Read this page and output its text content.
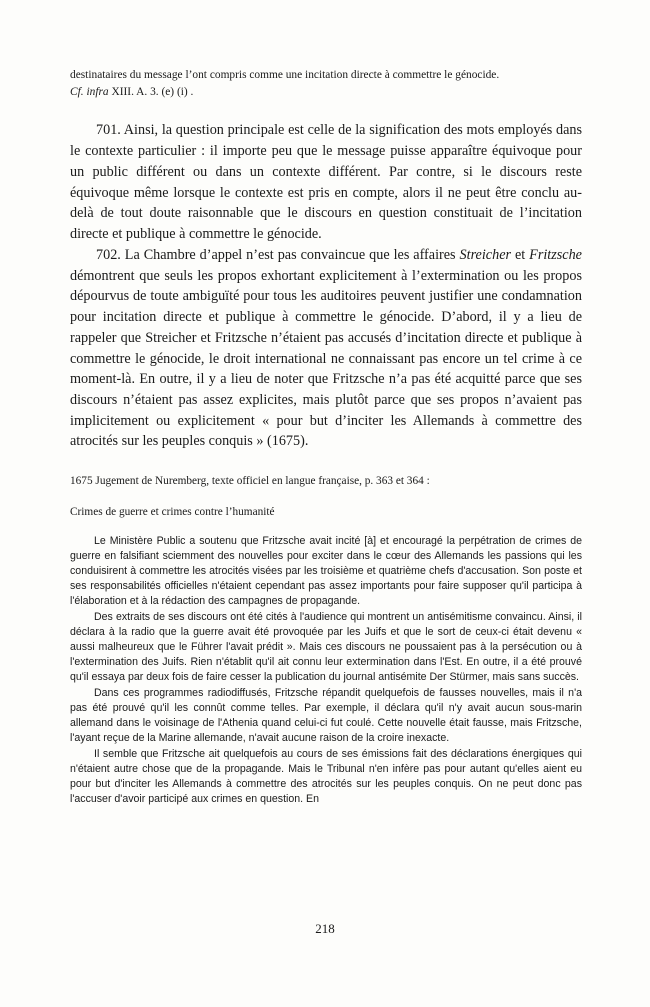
destinataires du message l’ont compris comme une incitation directe à commettre le génocide.
Cf. infra XIII. A. 3. (e) (i) .

701. Ainsi, la question principale est celle de la signification des mots employés dans le contexte particulier : il importe peu que le message puisse apparaître équivoque pour un public différent ou dans un contexte différent. Par contre, si le discours reste équivoque même lorsque le contexte est pris en compte, alors il ne peut être conclu au-delà de tout doute raisonnable que le discours en question constituait de l’incitation directe et publique à commettre le génocide.

702. La Chambre d’appel n’est pas convaincue que les affaires Streicher et Fritzsche démontrent que seuls les propos exhortant explicitement à l’extermination ou les propos dépourvus de toute ambiguïté pour tous les auditoires peuvent justifier une condamnation pour incitation directe et publique à commettre le génocide. D’abord, il y a lieu de rappeler que Streicher et Fritzsche n’étaient pas accusés d’incitation directe et publique à commettre le génocide, le droit international ne connaissant pas encore un tel crime à ce moment-là. En outre, il y a lieu de noter que Fritzsche n’a pas été acquitté parce que ses discours n’étaient pas assez explicites, mais plutôt parce que ses propos n’avaient pas implicitement ou explicitement « pour but d’inciter les Allemands à commettre des atrocités sur les peuples conquis » (1675).

1675 Jugement de Nuremberg, texte officiel en langue française, p. 363 et 364 :
Crimes de guerre et crimes contre l’humanité

Le Ministère Public a soutenu que Fritzsche avait incité [à] et encouragé la perpétration de crimes de guerre en falsifiant sciemment des nouvelles pour exciter dans le cœur des Allemands les passions qui les conduisirent à commettre les atrocités visées par les troisième et quatrième chefs d'accusation. Son poste et ses responsabilités officielles n'étaient cependant pas assez importants pour faire supposer qu'il participa à l'élaboration et à la rédaction des campagnes de propagande.

Des extraits de ses discours ont été cités à l'audience qui montrent un antisémitisme convaincu. Ainsi, il déclara à la radio que la guerre avait été provoquée par les Juifs et que le sort de ceux-ci était devenu « aussi malheureux que le Führer l'avait prédit ». Mais ces discours ne poussaient pas à la persécution ou à l'extermination des Juifs. Rien n'établit qu'il ait connu leur extermination dans l'Est. En outre, il a été prouvé qu'il essaya par deux fois de faire cesser la publication du journal antisémite Der Stürmer, mais sans succès.

Dans ces programmes radiodiffusés, Fritzsche répandit quelquefois de fausses nouvelles, mais il n'a pas été prouvé qu'il les connût comme telles. Par exemple, il déclara qu'il n'y avait aucun sous-marin allemand dans le voisinage de l'Athenia quand celui-ci fut coulé. Cette nouvelle était fausse, mais Fritzsche, l'ayant reçue de la Marine allemande, n'avait aucune raison de la croire inexacte.

Il semble que Fritzsche ait quelquefois au cours de ses émissions fait des déclarations énergiques qui n'étaient autre chose que de la propagande. Mais le Tribunal n'en infère pas pour autant qu'elles aient eu pour but d'inciter les Allemands à commettre des atrocités sur les peuples conquis. On ne peut donc pas l'accuser d'avoir participé aux crimes en question. En

218
